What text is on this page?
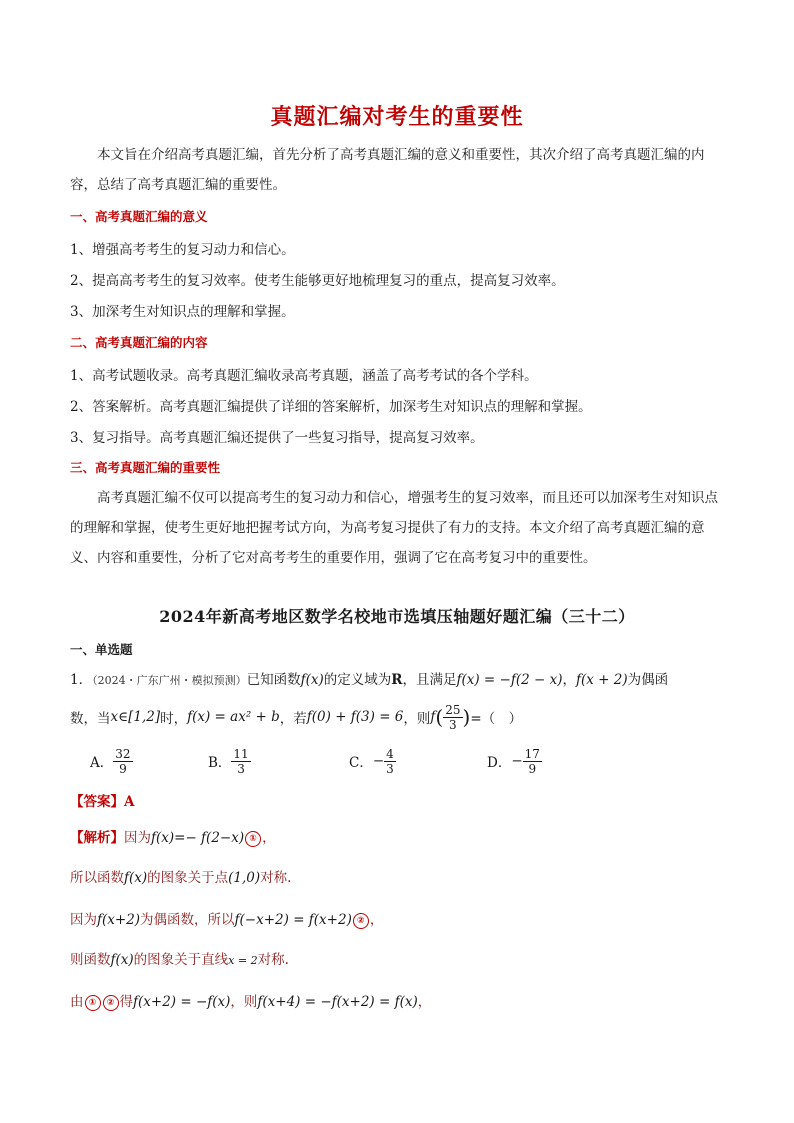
真题汇编对考生的重要性
本文旨在介绍高考真题汇编，首先分析了高考真题汇编的意义和重要性，其次介绍了高考真题汇编的内容，总结了高考真题汇编的重要性。
一、高考真题汇编的意义
1、增强高考考生的复习动力和信心。
2、提高高考考生的复习效率。使考生能够更好地梳理复习的重点，提高复习效率。
3、加深考生对知识点的理解和掌握。
二、高考真题汇编的内容
1、高考试题收录。高考真题汇编收录高考真题，涵盖了高考考试的各个学科。
2、答案解析。高考真题汇编提供了详细的答案解析，加深考生对知识点的理解和掌握。
3、复习指导。高考真题汇编还提供了一些复习指导，提高复习效率。
三、高考真题汇编的重要性
高考真题汇编不仅可以提高考生的复习动力和信心，增强考生的复习效率，而且还可以加深考生对知识点的理解和掌握，使考生更好地把握考试方向，为高考复习提供了有力的支持。本文介绍了高考真题汇编的意义、内容和重要性，分析了它对高考考生的重要作用，强调了它在高考复习中的重要性。
2024年新高考地区数学名校地市选填压轴题好题汇编（三十二）
一、单选题
1．（2024・广东广州・模拟预测）已知函数f(x)的定义域为R，且满足f(x) = −f(2 − x)，f(x + 2)为偶函
数，当 x∈[1,2] 时， f(x) = ax² + b ，若 f(0) + f(3) = 6 ，则 f ( $\frac{25}{3}$ ) =（　）
A． $\frac{32}{9}$	B． $\frac{11}{3}$	C． − $\frac{4}{3}$	D． − $\frac{17}{9}$
【答案】A
【解析】因为f(x)=− f(2−x) ① ，
所以函数f(x)的图象关于点(1,0)对称.
因为f(x+2)为偶函数，所以f(−x+2) = f(x+2) ② ，
则函数f(x)的图象关于直线x = 2对称.
由 ① ② 得f(x+2) = −f(x)，则f(x+4) = −f(x+2) = f(x)，
